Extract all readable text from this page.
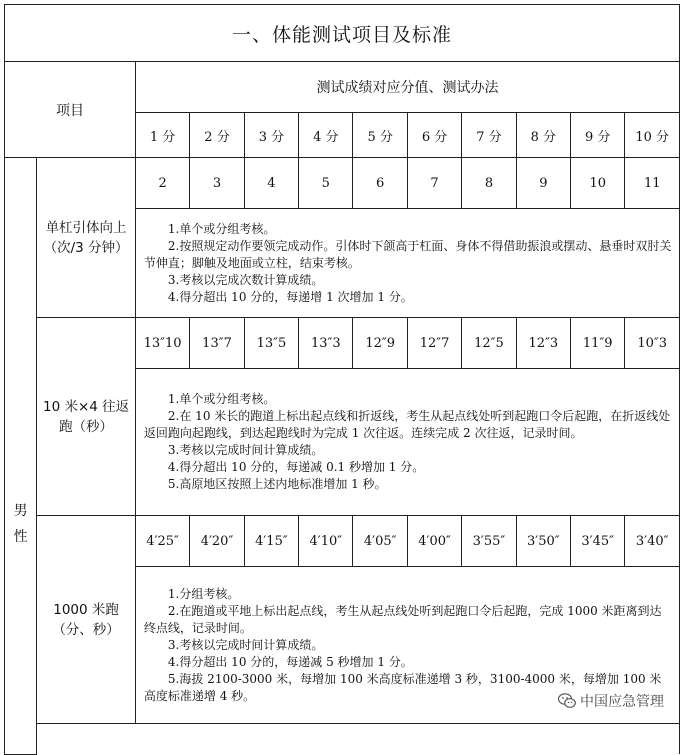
一、体能测试项目及标准											
项目		测试成绩对应分值、测试办法									
		1 分	2 分	3 分	4 分	5 分	6 分	7 分	8 分	9 分	10 分

男
性	单杠引体向上（次/3 分钟）	2	3	4	5	6	7	8	9	10	11

		1.单个或分组考核。
2.按照规定动作要领完成动作。引体时下颌高于杠面、身体不得借助振浪或摆动、悬垂时双肘关节伸直；脚触及地面或立柱，结束考核。
3.考核以完成次数计算成绩。
4.得分超出 10 分的，每递增 1 次增加 1 分。									

	10 米×4 往返跑（秒）	13″10	13″7	13″5	13″3	12″9	12″7	12″5	12″3	11″9	10″3

		1.单个或分组考核。
2.在 10 米长的跑道上标出起点线和折返线，考生从起点线处听到起跑口令后起跑，在折返线处返回跑向起跑线，到达起跑线时为完成 1 次往返。连续完成 2 次往返，记录时间。
3.考核以完成时间计算成绩。
4.得分超出 10 分的，每递减 0.1 秒增加 1 分。
5.高原地区按照上述内地标准增加 1 秒。									

	1000 米跑（分、秒）	4′25″	4′20″	4′15″	4′10″	4′05″	4′00″	3′55″	3′50″	3′45″	3′40″

		1.分组考核。
2.在跑道或平地上标出起点线，考生从起点线处听到起跑口令后起跑，完成 1000 米距离到达终点线，记录时间。
3.考核以完成时间计算成绩。
4.得分超出 10 分的，每递减 5 秒增加 1 分。
5.海拔 2100-3000 米，每增加 100 米高度标准递增 3 秒，3100-4000 米，每增加 100 米高度标准递增 4 秒。										中国应急管理
